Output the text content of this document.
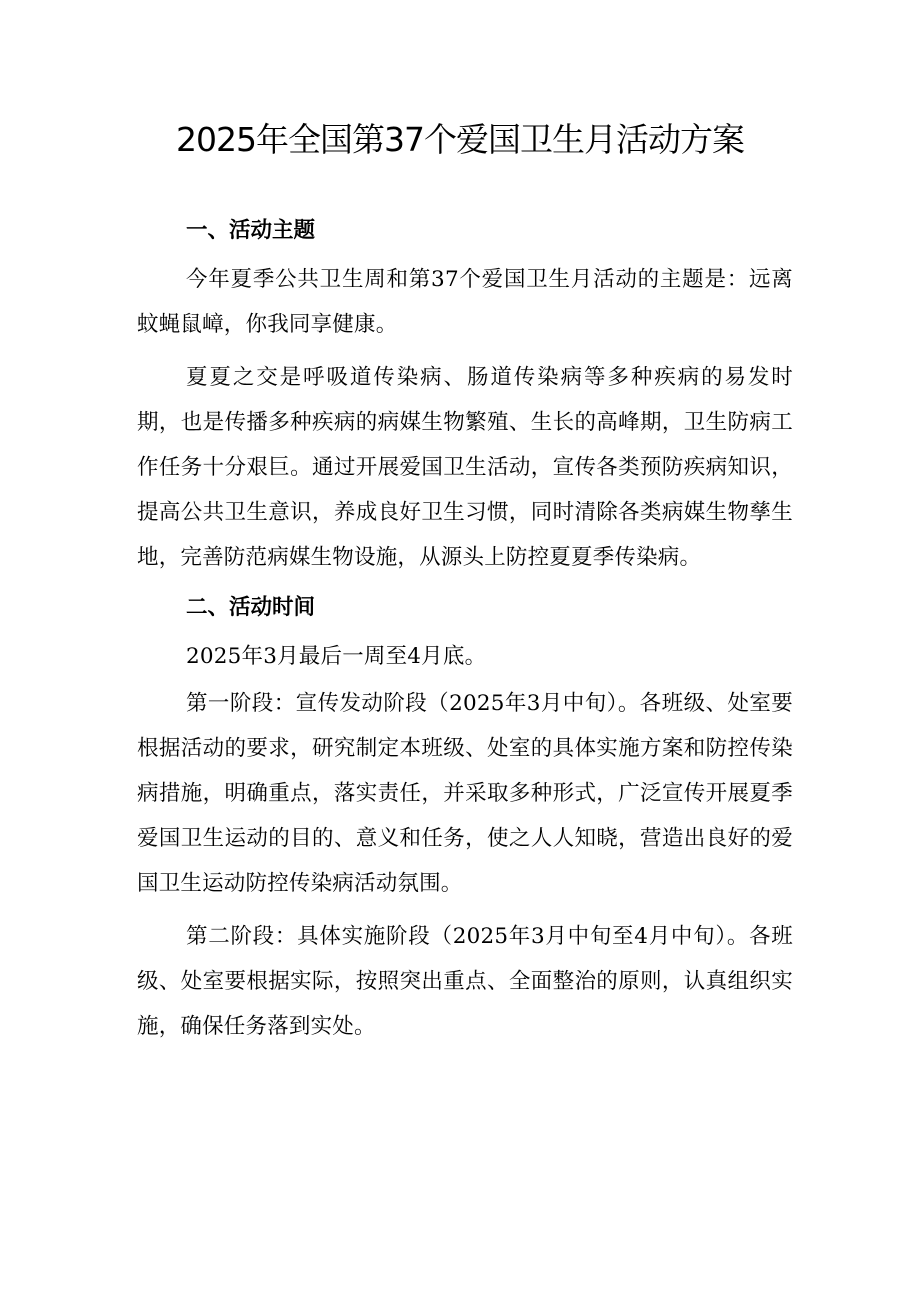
2025年全国第37个爱国卫生月活动方案
一、活动主题

今年夏季公共卫生周和第37个爱国卫生月活动的主题是：远离蚊蝇鼠嶂，你我同享健康。

夏夏之交是呼吸道传染病、肠道传染病等多种疾病的易发时期，也是传播多种疾病的病媒生物繁殖、生长的高峰期，卫生防病工作任务十分艰巨。通过开展爱国卫生活动，宣传各类预防疾病知识，提高公共卫生意识，养成良好卫生习惯，同时清除各类病媒生物孳生地，完善防范病媒生物设施，从源头上防控夏夏季传染病。

二、活动时间

2025年3月最后一周至4月底。

第一阶段：宣传发动阶段（2025年3月中旬）。各班级、处室要根据活动的要求，研究制定本班级、处室的具体实施方案和防控传染病措施，明确重点，落实责任，并采取多种形式，广泛宣传开展夏季爱国卫生运动的目的、意义和任务，使之人人知晓，营造出良好的爱国卫生运动防控传染病活动氛围。

第二阶段：具体实施阶段（2025年3月中旬至4月中旬）。各班级、处室要根据实际，按照突出重点、全面整治的原则，认真组织实施，确保任务落到实处。
